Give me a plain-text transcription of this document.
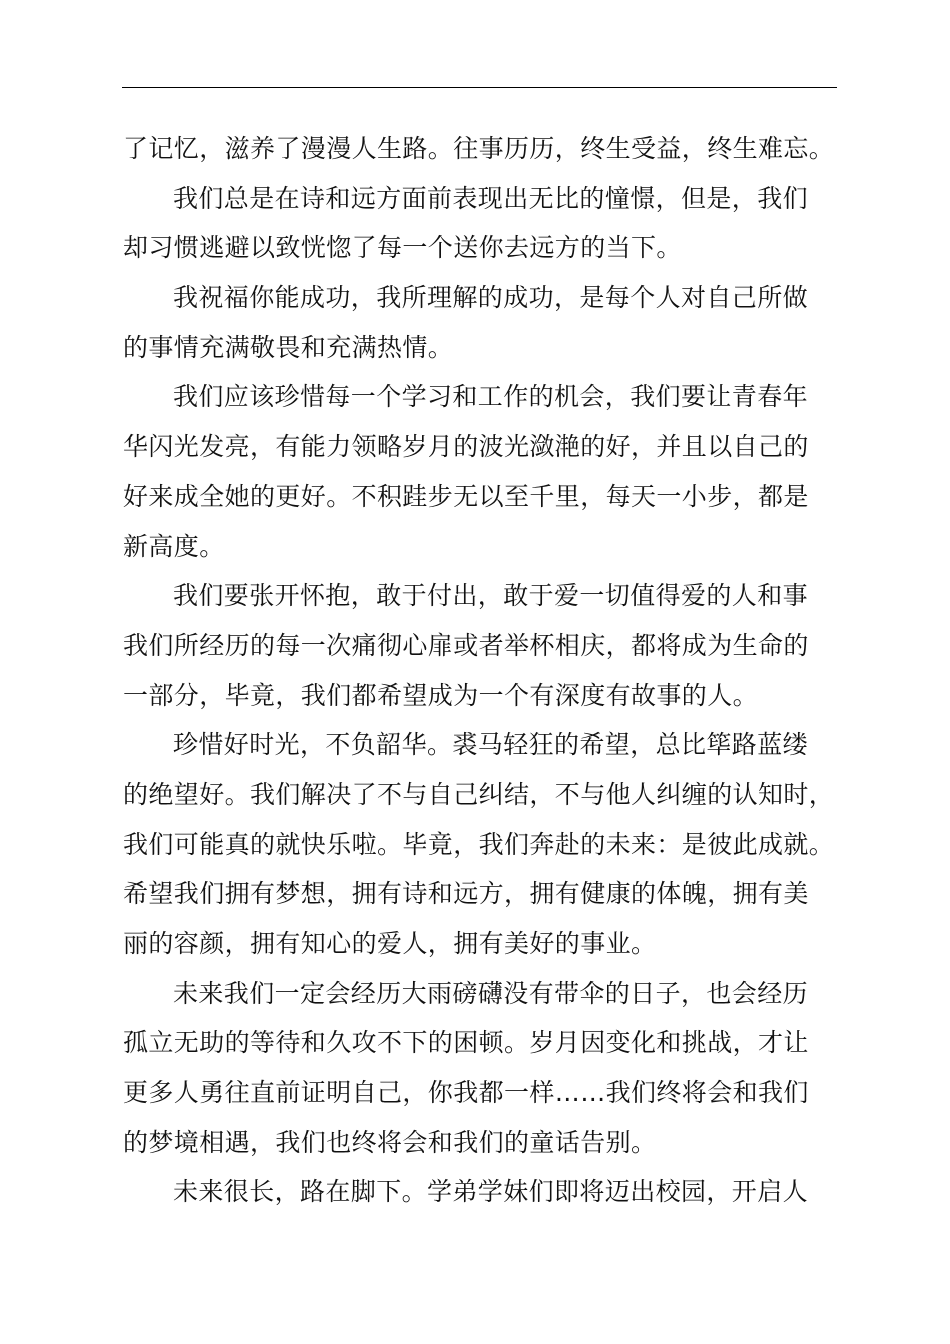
了记忆，滋养了漫漫人生路。往事历历，终生受益，终生难忘。
我们总是在诗和远方面前表现出无比的憧憬，但是，我们
却习惯逃避以致恍惚了每一个送你去远方的当下。
我祝福你能成功，我所理解的成功，是每个人对自己所做
的事情充满敬畏和充满热情。
我们应该珍惜每一个学习和工作的机会，我们要让青春年
华闪光发亮，有能力领略岁月的波光潋滟的好，并且以自己的
好来成全她的更好。不积跬步无以至千里，每天一小步，都是
新高度。
我们要张开怀抱，敢于付出，敢于爱一切值得爱的人和事
我们所经历的每一次痛彻心扉或者举杯相庆，都将成为生命的
一部分，毕竟，我们都希望成为一个有深度有故事的人。
珍惜好时光，不负韶华。裘马轻狂的希望，总比筚路蓝缕
的绝望好。我们解决了不与自己纠结，不与他人纠缠的认知时，
我们可能真的就快乐啦。毕竟，我们奔赴的未来：是彼此成就。
希望我们拥有梦想，拥有诗和远方，拥有健康的体魄，拥有美
丽的容颜，拥有知心的爱人，拥有美好的事业。
未来我们一定会经历大雨磅礴没有带伞的日子，也会经历
孤立无助的等待和久攻不下的困顿。岁月因变化和挑战，才让
更多人勇往直前证明自己，你我都一样……我们终将会和我们
的梦境相遇，我们也终将会和我们的童话告别。
未来很长，路在脚下。学弟学妹们即将迈出校园，开启人
